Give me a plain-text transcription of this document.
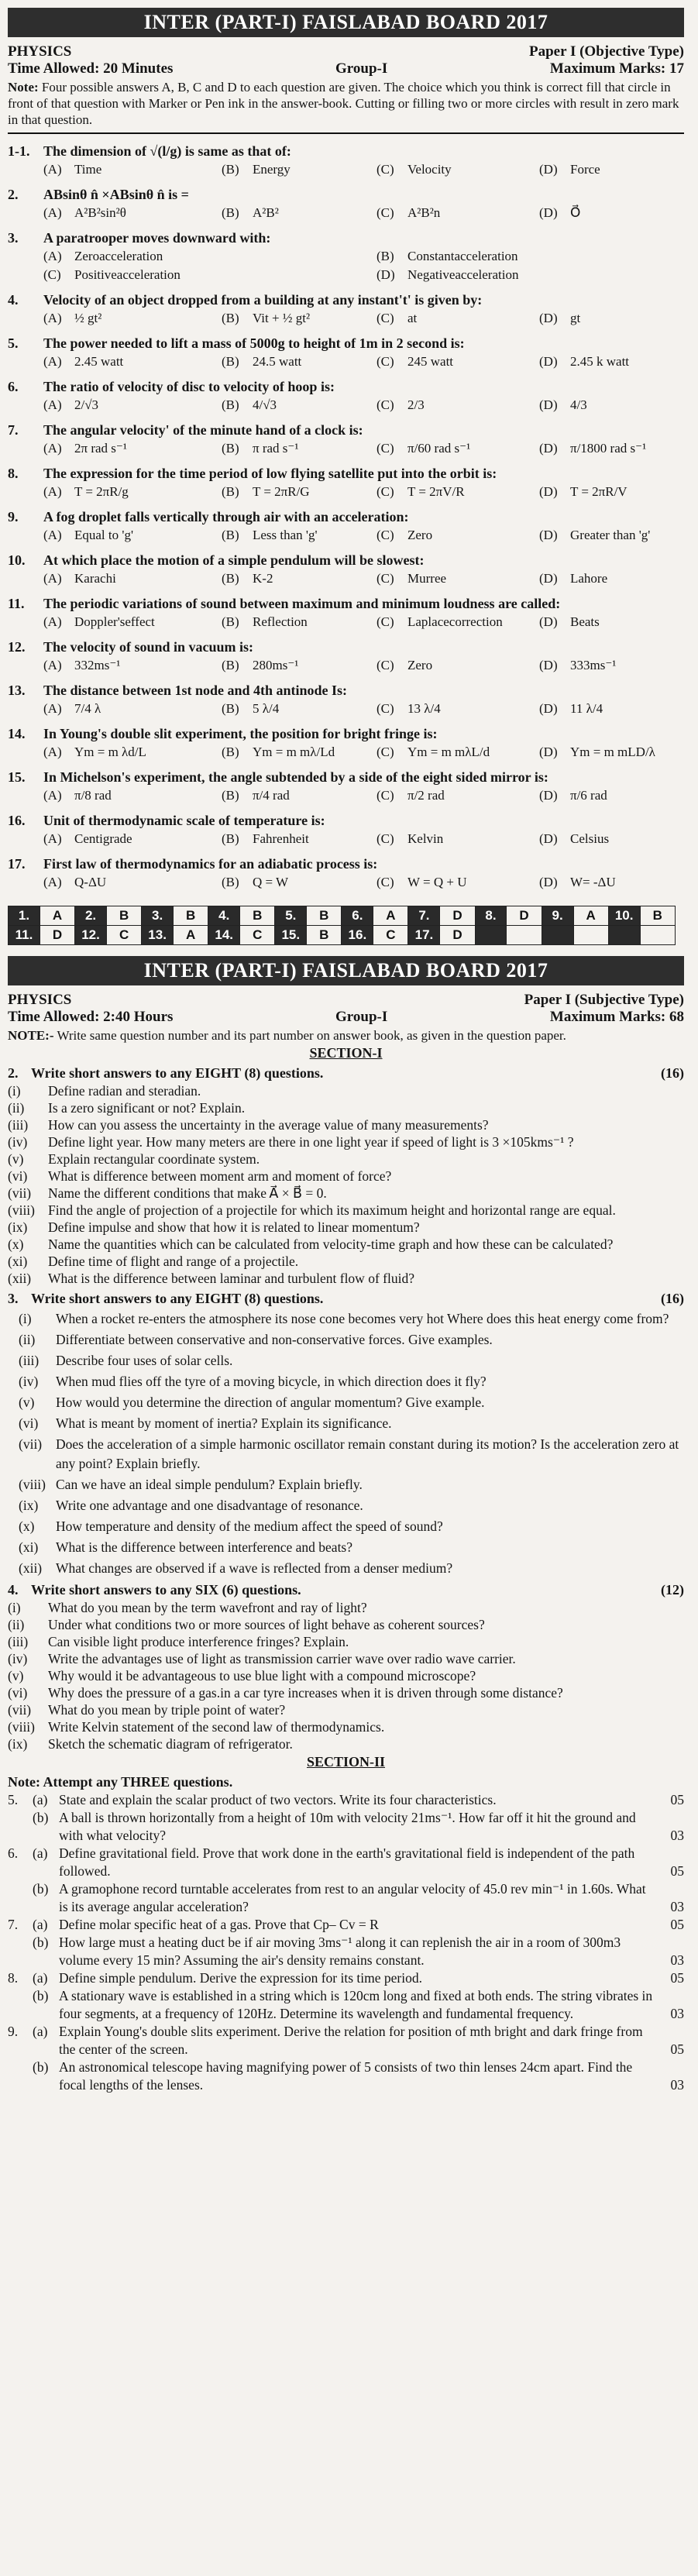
INTER (PART-I) FAISLABAD BOARD 2017
PHYSICS	Paper I (Objective Type)
Time Allowed: 20 Minutes	Group-I	Maximum Marks: 17
Note: Four possible answers A, B, C and D to each question are given. The choice which you think is correct fill that circle in front of that question with Marker or Pen ink in the answer-book. Cutting or filling two or more circles with result in zero mark in that question.
1-1. The dimension of √(l/g) is same as that of:
(A) Time	(B)	Energy	(C)	Velocity	(D) Force
2.	ABsinθ n̂ ×ABsinθ n̂ is =
(A) A²B²sin²θ	(B)	A²B²	(C)	A²B²n	(D) O⃗
3.	A paratrooper moves downward with:
(A) Zeroacceleration	(B)	Constantacceleration
(C)	Positiveacceleration	(D) Negativeacceleration
4.	Velocity of an object dropped from a building at any instant't' is given by:
(A) ½ gt²	(B)	Vit + ½ gt²	(C)	at	(D) gt
5.	The power needed to lift a mass of 5000g to height of 1m in 2 second is:
(A) 2.45 watt	(B)	24.5 watt	(C)	245 watt	(D) 2.45 k watt
6.	The ratio of velocity of disc to velocity of hoop is:
(A) 2/√3	(B)	4/√3	(C)	2/3	(D) 4/3
7.	The angular velocity' of the minute hand of a clock is:
(A) 2π rad s⁻¹	(B)	π rad s⁻¹	(C)	π/60 rad s⁻¹	(D) π/1800 rad s⁻¹
8.	The expression for the time period of low flying satellite put into the orbit is:
(A) T = 2πR/g	(B)	T = 2πR/G	(C)	T = 2πV/R	(D) T = 2πR/V
9.	A fog droplet falls vertically through air with an acceleration:
(A) Equal to 'g'	(B)	Less than 'g'	(C)	Zero	(D) Greater than 'g'
10.	At which place the motion of a simple pendulum will be slowest:
(A) Karachi	(B)	K-2	(C)	Murree	(D) Lahore
11.	The periodic variations of sound between maximum and minimum loudness are called:
(A) Doppler'seffect	(B)	Reflection	(C)	Laplacecorrection	(D) Beats
12.	The velocity of sound in vacuum is:
(A) 332ms⁻¹	(B)	280ms⁻¹	(C)	Zero	(D) 333ms⁻¹
13.	The distance between 1st node and 4th antinode Is:
(A) 7/4 λ	(B)	5 λ/4	(C)	13 λ/4	(D) 11 λ/4
14.	In Young's double slit experiment, the position for bright fringe is:
(A) Ym = m λd/L	(B)	Ym = m mλ/Ld	(C)	Ym = m mλL/d	(D) Ym = m mLD/λ
15.	In Michelson's experiment, the angle subtended by a side of the eight sided mirror is:
(A) π/8 rad	(B)	π/4 rad	(C)	π/2 rad	(D) π/6 rad
16.	Unit of thermodynamic scale of temperature is:
(A) Centigrade	(B)	Fahrenheit	(C)	Kelvin	(D) Celsius
17.	First law of thermodynamics for an adiabatic process is:
(A) Q-ΔU	(B)	Q = W	(C)	W = Q + U	(D) W= -ΔU
1.	A	2.	B	3.	B	4.	B	5.	B	6.	A	7.	D	8.	D	9.	A	10.	B
11.	D	12.	C	13.	A	14.	C	15.	B	16.	C	17.	D						
INTER (PART-I) FAISLABAD BOARD 2017
PHYSICS	Paper I (Subjective Type)
Time Allowed: 2:40 Hours	Group-I	Maximum Marks: 68
NOTE:- Write same question number and its part number on answer book, as given in the question paper.
SECTION-I
2. Write short answers to any EIGHT (8) questions.	(16)
(i)	Define radian and steradian.
(ii)	Is a zero significant or not? Explain.
(iii)	How can you assess the uncertainty in the average value of many measurements?
(iv)	Define light year. How many meters are there in one light year if speed of light is 3 ×105kms⁻¹ ?
(v)	Explain rectangular coordinate system.
(vi)	What is difference between moment arm and moment of force?
(vii)	Name the different conditions that make A⃗ × B⃗ = 0.
(viii) Find the angle of projection of a projectile for which its maximum height and horizontal range are equal.
(ix)	Define impulse and show that how it is related to linear momentum?
(x)	Name the quantities which can be calculated from velocity-time graph and how these can be calculated?
(xi)	Define time of flight and range of a projectile.
(xii)	What is the difference between laminar and turbulent flow of fluid?
3. Write short answers to any EIGHT (8) questions.	(16)
(i)	When a rocket re-enters the atmosphere its nose cone becomes very hot Where does this heat energy come from?
(ii)	Differentiate between conservative and non-conservative forces. Give examples.
(iii)	Describe four uses of solar cells.
(iv)	When mud flies off the tyre of a moving bicycle, in which direction does it fly?
(v)	How would you determine the direction of angular momentum? Give example.
(vi)	What is meant by moment of inertia? Explain its significance.
(vii)	Does the acceleration of a simple harmonic oscillator remain constant during its motion? Is the acceleration zero at any point? Explain briefly.
(viii) Can we have an ideal simple pendulum? Explain briefly.
(ix)	Write one advantage and one disadvantage of resonance.
(x)	How temperature and density of the medium affect the speed of sound?
(xi)	What is the difference between interference and beats?
(xii)	What changes are observed if a wave is reflected from a denser medium?
4. Write short answers to any SIX (6) questions.	(12)
(i)	What do you mean by the term wavefront and ray of light?
(ii)	Under what conditions two or more sources of light behave as coherent sources?
(iii)	Can visible light produce interference fringes? Explain.
(iv)	Write the advantages use of light as transmission carrier wave over radio wave carrier.
(v)	Why would it be advantageous to use blue light with a compound microscope?
(vi)	Why does the pressure of a gas.in a car tyre increases when it is driven through some distance?
(vii)	What do you mean by triple point of water?
(viii) Write Kelvin statement of the second law of thermodynamics.
(ix)	Sketch the schematic diagram of refrigerator.
SECTION-II
Note: Attempt any THREE questions.
5.	(a) State and explain the scalar product of two vectors. Write its four characteristics.	05
(b) A ball is thrown horizontally from a height of 10m with velocity 21ms⁻¹. How far off it hit the ground and with what velocity?	03
6.	(a) Define gravitational field. Prove that work done in the earth's gravitational field is independent of the path followed.	05
(b) A gramophone record turntable accelerates from rest to an angular velocity of 45.0 rev min⁻¹ in 1.60s. What is its average angular acceleration?	03
7.	(a) Define molar specific heat of a gas. Prove that Cp– Cv = R	05
(b) How large must a heating duct be if air moving 3ms⁻¹ along it can replenish the air in a room of 300m3 volume every 15 min? Assuming the air's density remains constant.	03
8.	(a) Define simple pendulum. Derive the expression for its time period.	05
(b) A stationary wave is established in a string which is 120cm long and fixed at both ends. The string vibrates in four segments, at a frequency of 120Hz. Determine its wavelength and fundamental frequency.	03
9.	(a) Explain Young's double slits experiment. Derive the relation for position of mth bright and dark fringe from the center of the screen.	05
(b) An astronomical telescope having magnifying power of 5 consists of two thin lenses 24cm apart. Find the focal lengths of the lenses.	03
